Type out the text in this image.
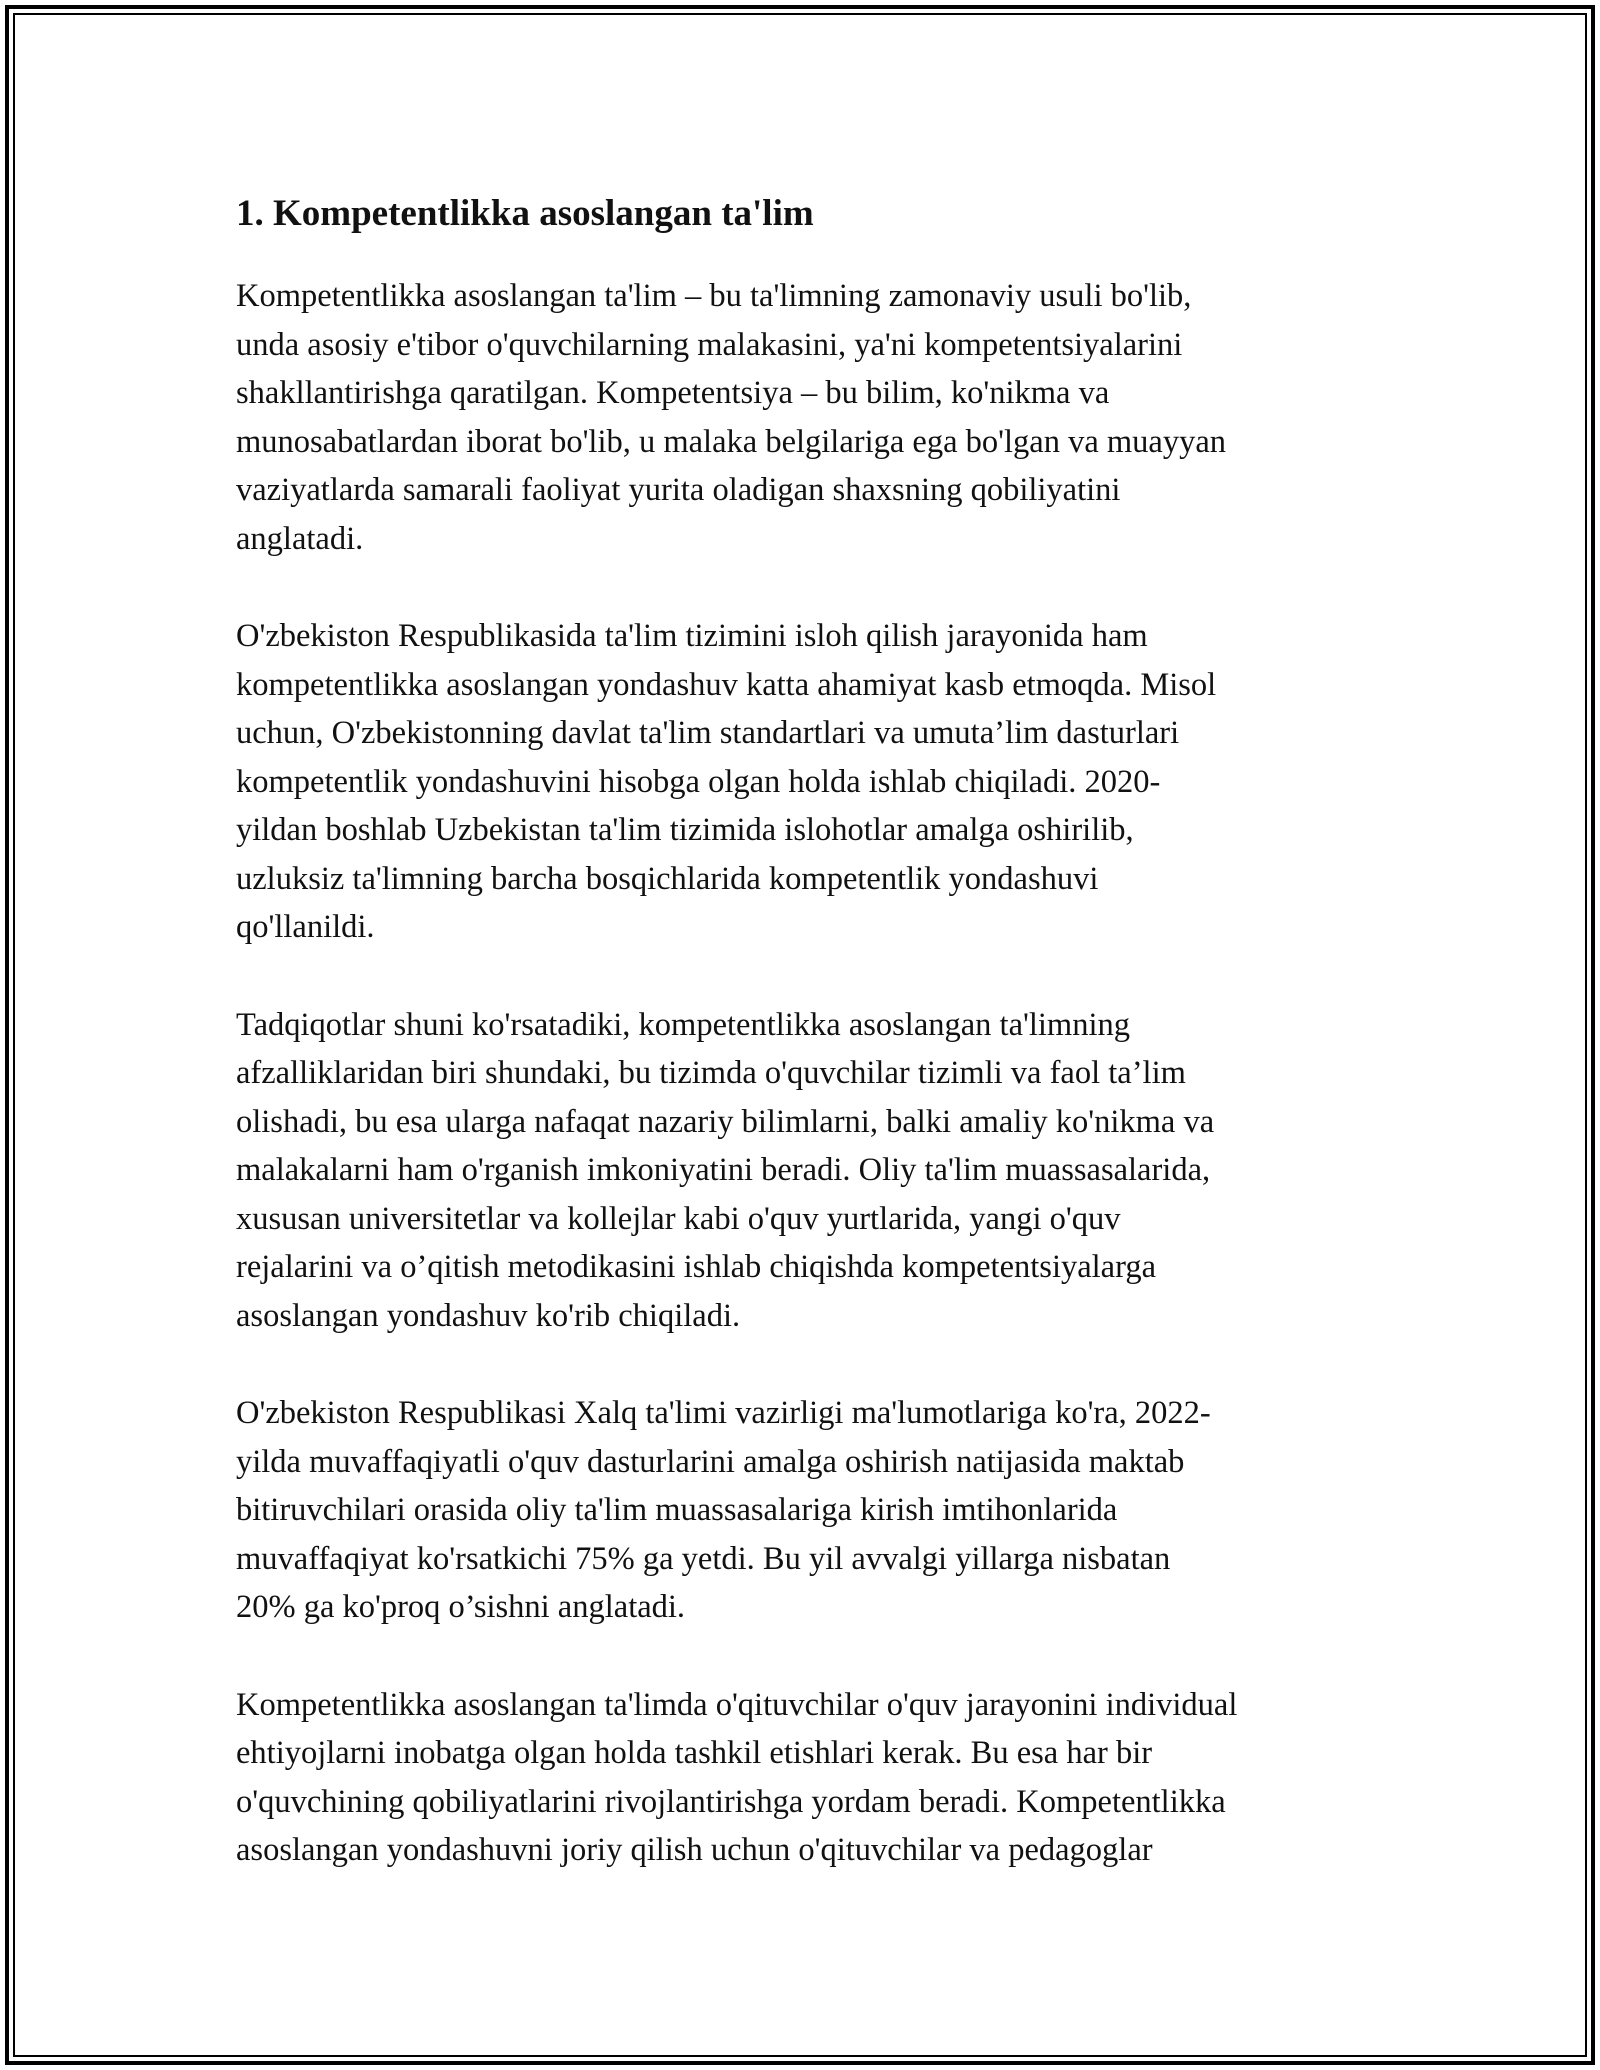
1. Kompetentlikka asoslangan ta'lim

Kompetentlikka asoslangan ta'lim – bu ta'limning zamonaviy usuli bo'lib,
unda asosiy e'tibor o'quvchilarning malakasini, ya'ni kompetentsiyalarini
shakllantirishga qaratilgan. Kompetentsiya – bu bilim, ko'nikma va
munosabatlardan iborat bo'lib, u malaka belgilariga ega bo'lgan va muayyan
vaziyatlarda samarali faoliyat yurita oladigan shaxsning qobiliyatini
anglatadi.

O'zbekiston Respublikasida ta'lim tizimini isloh qilish jarayonida ham
kompetentlikka asoslangan yondashuv katta ahamiyat kasb etmoqda. Misol
uchun, O'zbekistonning davlat ta'lim standartlari va umuta’lim dasturlari
kompetentlik yondashuvini hisobga olgan holda ishlab chiqiladi. 2020-
yildan boshlab Uzbekistan ta'lim tizimida islohotlar amalga oshirilib,
uzluksiz ta'limning barcha bosqichlarida kompetentlik yondashuvi
qo'llanildi.

Tadqiqotlar shuni ko'rsatadiki, kompetentlikka asoslangan ta'limning
afzalliklaridan biri shundaki, bu tizimda o'quvchilar tizimli va faol ta’lim
olishadi, bu esa ularga nafaqat nazariy bilimlarni, balki amaliy ko'nikma va
malakalarni ham o'rganish imkoniyatini beradi. Oliy ta'lim muassasalarida,
xususan universitetlar va kollejlar kabi o'quv yurtlarida, yangi o'quv
rejalarini va o’qitish metodikasini ishlab chiqishda kompetentsiyalarga
asoslangan yondashuv ko'rib chiqiladi.

O'zbekiston Respublikasi Xalq ta'limi vazirligi ma'lumotlariga ko'ra, 2022-
yilda muvaffaqiyatli o'quv dasturlarini amalga oshirish natijasida maktab
bitiruvchilari orasida oliy ta'lim muassasalariga kirish imtihonlarida
muvaffaqiyat ko'rsatkichi 75% ga yetdi. Bu yil avvalgi yillarga nisbatan
20% ga ko'proq o’sishni anglatadi.

Kompetentlikka asoslangan ta'limda o'qituvchilar o'quv jarayonini individual
ehtiyojlarni inobatga olgan holda tashkil etishlari kerak. Bu esa har bir
o'quvchining qobiliyatlarini rivojlantirishga yordam beradi. Kompetentlikka
asoslangan yondashuvni joriy qilish uchun o'qituvchilar va pedagoglar
